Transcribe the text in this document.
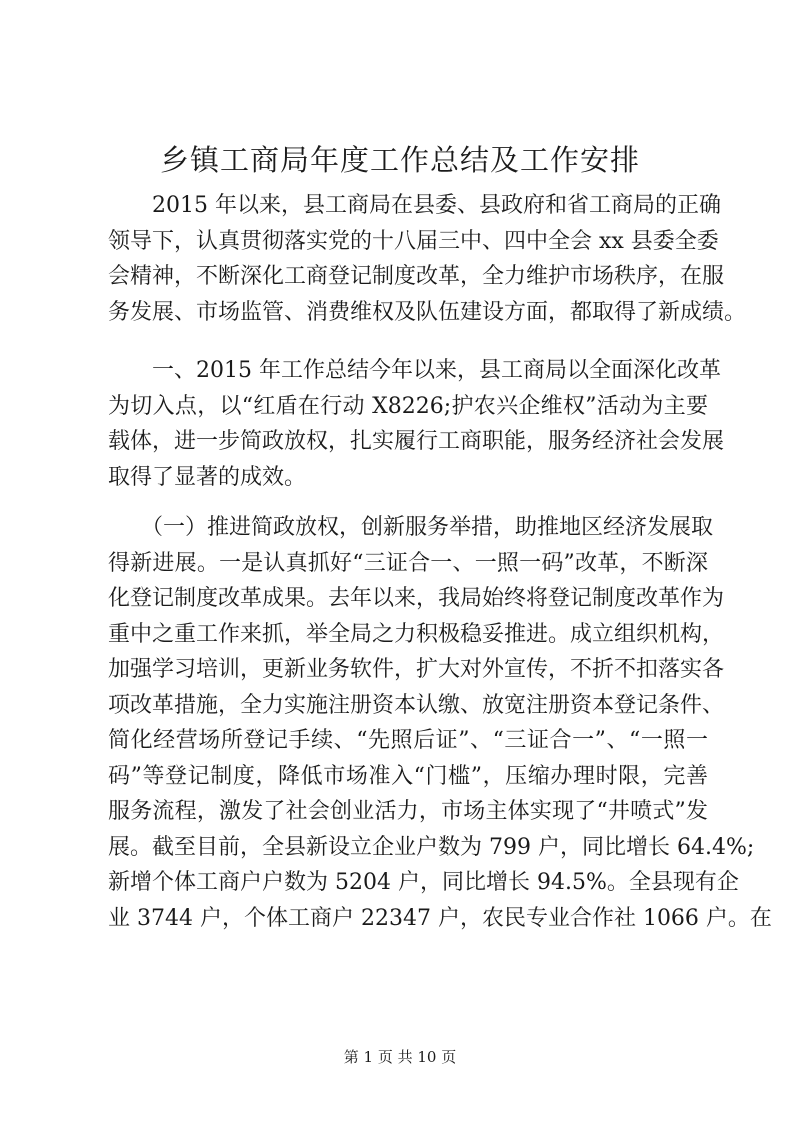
乡镇工商局年度工作总结及工作安排
　　2015 年以来，县工商局在县委、县政府和省工商局的正确
领导下，认真贯彻落实党的十八届三中、四中全会 xx 县委全委
会精神，不断深化工商登记制度改革，全力维护市场秩序，在服
务发展、市场监管、消费维权及队伍建设方面，都取得了新成绩。
　　一、2015 年工作总结今年以来，县工商局以全面深化改革
为切入点，以“红盾在行动 X8226;护农兴企维权”活动为主要
载体，进一步简政放权，扎实履行工商职能，服务经济社会发展
取得了显著的成效。
　　（一）推进简政放权，创新服务举措，助推地区经济发展取
得新进展。一是认真抓好“三证合一、一照一码”改革，不断深
化登记制度改革成果。去年以来，我局始终将登记制度改革作为
重中之重工作来抓，举全局之力积极稳妥推进。成立组织机构，
加强学习培训，更新业务软件，扩大对外宣传，不折不扣落实各
项改革措施，全力实施注册资本认缴、放宽注册资本登记条件、
简化经营场所登记手续、“先照后证”、“三证合一”、“一照一
码”等登记制度，降低市场准入“门槛”，压缩办理时限，完善
服务流程，激发了社会创业活力，市场主体实现了“井喷式”发
展。截至目前，全县新设立企业户数为 799 户，同比增长 64.4%;
新增个体工商户户数为 5204 户，同比增长 94.5%。全县现有企
业 3744 户，个体工商户 22347 户，农民专业合作社 1066 户。在
第 1 页 共 10 页
